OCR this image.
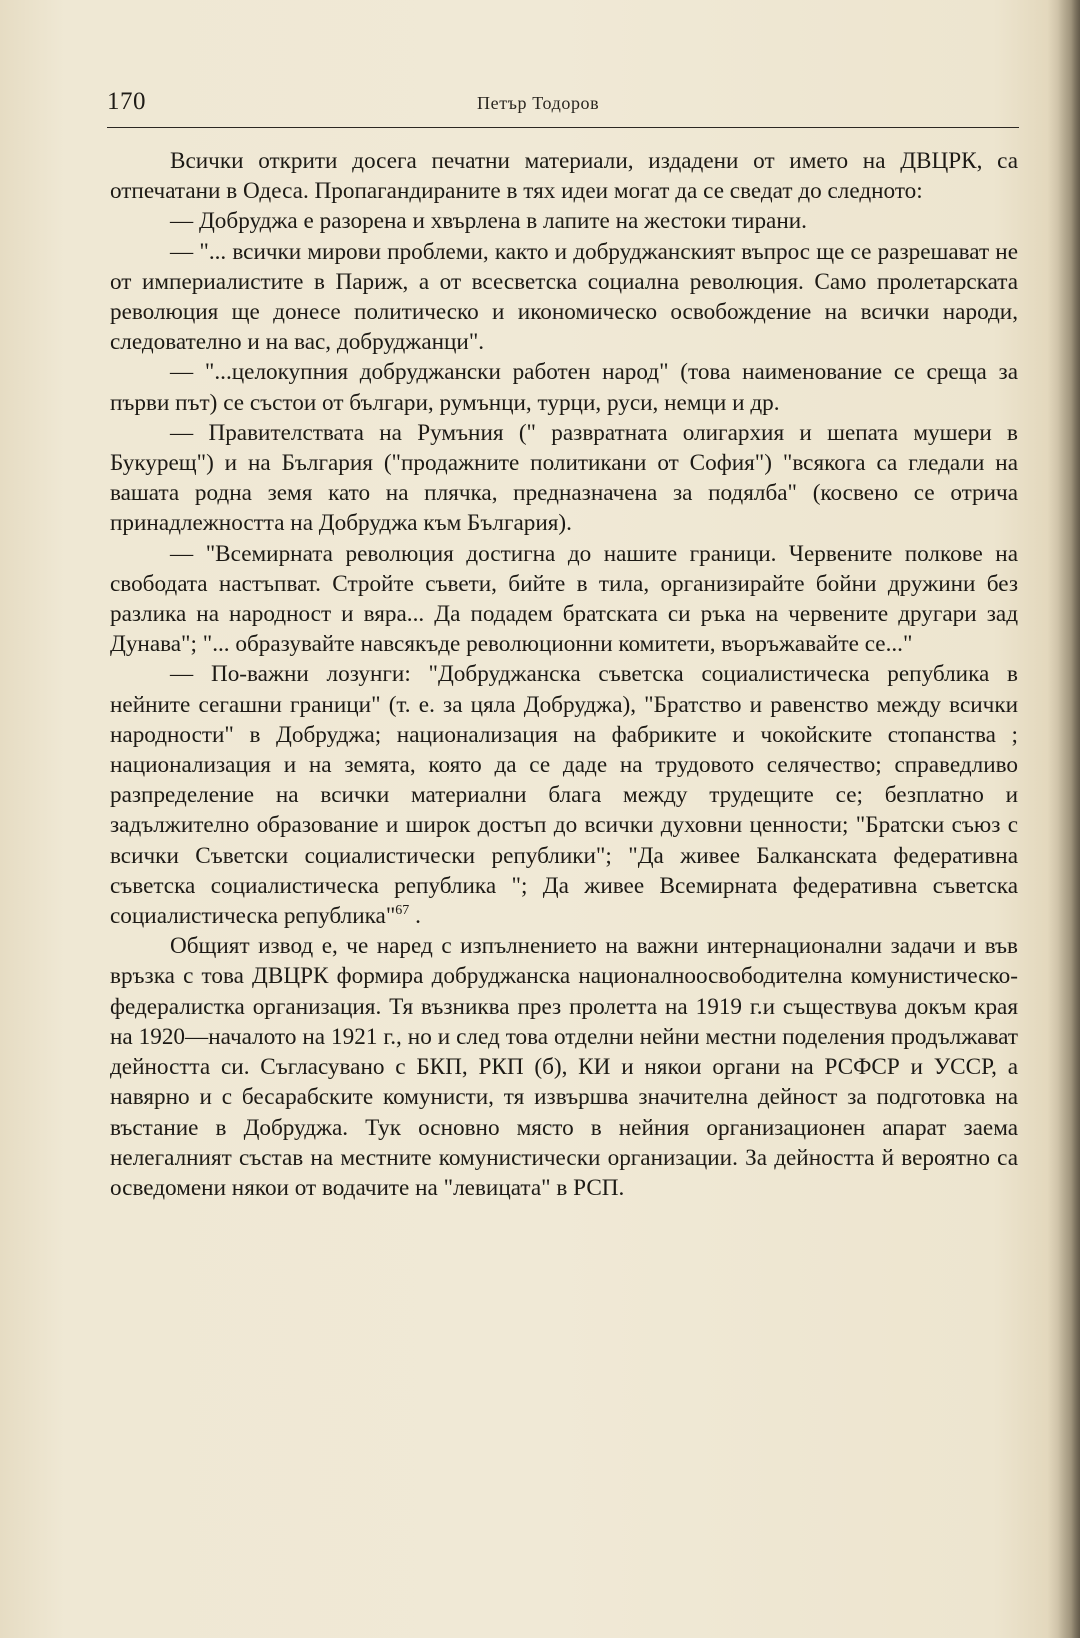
170	Петър Тодоров

Всички открити досега печатни материали, издадени от името на ДВЦРК, са отпечатани в Одеса. Пропагандираните в тях идеи могат да се сведат до следното:

— Добруджа е разорена и хвърлена в лапите на жестоки тирани.

— "... всички мирови проблеми, както и добруджанският въпрос ще се разрешават не от империалистите в Париж, а от всесветска социална революция. Само пролетарската революция ще донесе политическо и икономическо освобождение на всички народи, следователно и на вас, добруджанци".

— "...целокупния добруджански работен народ" (това наименование се среща за първи път) се състои от българи, румънци, турци, руси, немци и др.

— Правителствата на Румъния (" развратната олигархия и шепата мушери в Букурещ") и на България ("продажните политикани от София") "всякога са гледали на вашата родна земя като на плячка, предназначена за подялба" (косвено се отрича принадлежността на Добруджа към България).

— "Всемирната революция достигна до нашите граници. Червените полкове на свободата настъпват. Стройте съвети, бийте в тила, организирайте бойни дружини без разлика на народност и вяра... Да подадем братската си ръка на червените другари зад Дунава"; "... образувайте навсякъде революционни комитети, въоръжавайте се..."

— По-важни лозунги: "Добруджанска съветска социалистическа република в нейните сегашни граници" (т. е. за цяла Добруджа), "Братство и равенство между всички народности" в Добруджа; национализация на фабриките и чокойските стопанства ; национализация и на земята, която да се даде на трудовото селячество; справедливо разпределение на всички материални блага между трудещите се; безплатно и задължително образование и широк достъп до всички духовни ценности; "Братски съюз с всички Съветски социалистически републики"; "Да живее Балканската федеративна съветска социалистическа република "; Да живее Всемирната федеративна съветска социалистическа република"$^{67}$ .

Общият извод е, че наред с изпълнението на важни интернационални задачи и във връзка с това ДВЦРК формира добруджанска националноосвободителна комунистическо-федералистка организация. Тя възниква през пролетта на 1919 г.и съществува докъм края на 1920—началото на 1921 г., но и след това отделни нейни местни поделения продължават дейността си. Съгласувано с БКП, РКП (б), КИ и някои органи на РСФСР и УССР, а навярно и с бесарабските комунисти, тя извършва значителна дейност за подготовка на въстание в Добруджа. Тук основно място в нейния организационен апарат заема нелегалният състав на местните комунистически организации. За дейността й вероятно са осведомени някои от водачите на "левицата" в РСП.
